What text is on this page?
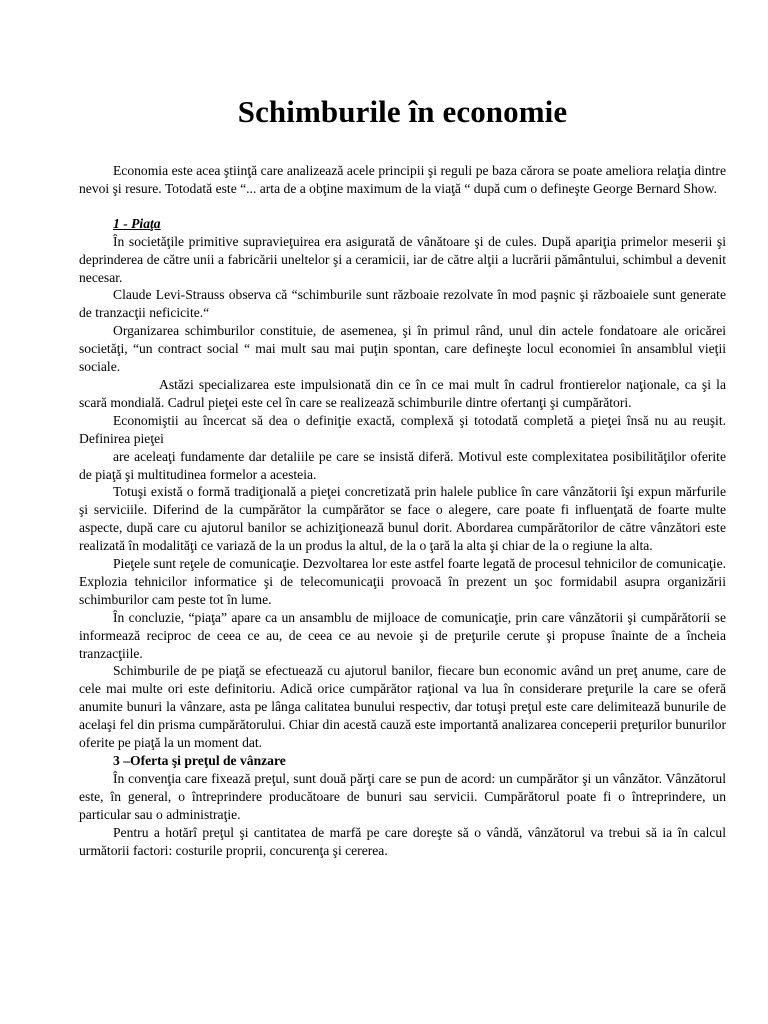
Schimburile în economie

Economia este acea ştiinţă care analizează acele principii şi reguli pe baza cărora se poate ameliora relaţia dintre nevoi şi resure. Totodată este “... arta de a obţine maximum de la viaţă “ după cum o defineşte George Bernard Show.

1 - Piaţa

În societăţile primitive supravieţuirea era asigurată de vânătoare şi de cules. După apariţia primelor meserii şi deprinderea de către unii a fabricării uneltelor şi a ceramicii, iar de către alţii a lucrării pământului, schimbul a devenit necesar.

Claude Levi-Strauss observa că “schimburile sunt războaie rezolvate în mod paşnic şi războaiele sunt generate de tranzacţii neficicite.“

Organizarea schimburilor constituie, de asemenea, şi în primul rând, unul din actele fondatoare ale oricărei societăţi, “un contract social “ mai mult sau mai puţin spontan, care defineşte locul economiei în ansamblul vieţii sociale.

Astăzi specializarea este impulsionată din ce în ce mai mult în cadrul frontierelor naţionale, ca şi la scară mondială. Cadrul pieţei este cel în care se realizează schimburile dintre ofertanţi şi cumpărători.

Economiştii au încercat să dea o definiţie exactă, complexă şi totodată completă a pieţei însă nu au reuşit. Definirea pieţei

are aceleaţi fundamente dar detaliile pe care se insistă diferă. Motivul este complexitatea posibilităţilor oferite de piaţă şi multitudinea formelor a acesteia.

Totuşi există o formă tradiţională a pieţei concretizată prin halele publice în care vânzătorii îşi expun mărfurile şi serviciile. Diferind de la cumpărător la cumpărător se face o alegere, care poate fi influenţată de foarte multe aspecte, după care cu ajutorul banilor se achiziţionează bunul dorit. Abordarea cumpărătorilor de către vânzători este realizată în modalităţi ce variază de la un produs la altul, de la o ţară la alta şi chiar de la o regiune la alta.

Pieţele sunt reţele de comunicaţie. Dezvoltarea lor este astfel foarte legată de procesul tehnicilor de comunicaţie. Explozia tehnicilor informatice şi de telecomunicaţii provoacă în prezent un şoc formidabil asupra organizării schimburilor cam peste tot în lume.

În concluzie, “piaţa” apare ca un ansamblu de mijloace de comunicaţie, prin care vânzătorii şi cumpărătorii se informează reciproc de ceea ce au, de ceea ce au nevoie şi de preţurile cerute şi propuse înainte de a încheia tranzacţiile.

Schimburile de pe piaţă se efectuează cu ajutorul banilor, fiecare bun economic având un preţ anume, care de cele mai multe ori este definitoriu. Adică orice cumpărător raţional va lua în considerare preţurile la care se oferă anumite bunuri la vânzare, asta pe lânga calitatea bunului respectiv, dar totuşi preţul este care delimitează bunurile de acelaşi fel din prisma cumpărătorului. Chiar din acestă cauză este importantă analizarea conceperii preţurilor bunurilor oferite pe piaţă la un moment dat.

3 –Oferta şi preţul de vânzare

În convenţia care fixează preţul, sunt două părţi care se pun de acord: un cumpărător şi un vânzător. Vânzătorul este, în general, o întreprindere producătoare de bunuri sau servicii. Cumpărătorul poate fi o întreprindere, un particular sau o administraţie.

Pentru a hotărî preţul şi cantitatea de marfă pe care doreşte să o vândă, vânzătorul va trebui să ia în calcul următorii factori: costurile proprii, concurenţa şi cererea.
